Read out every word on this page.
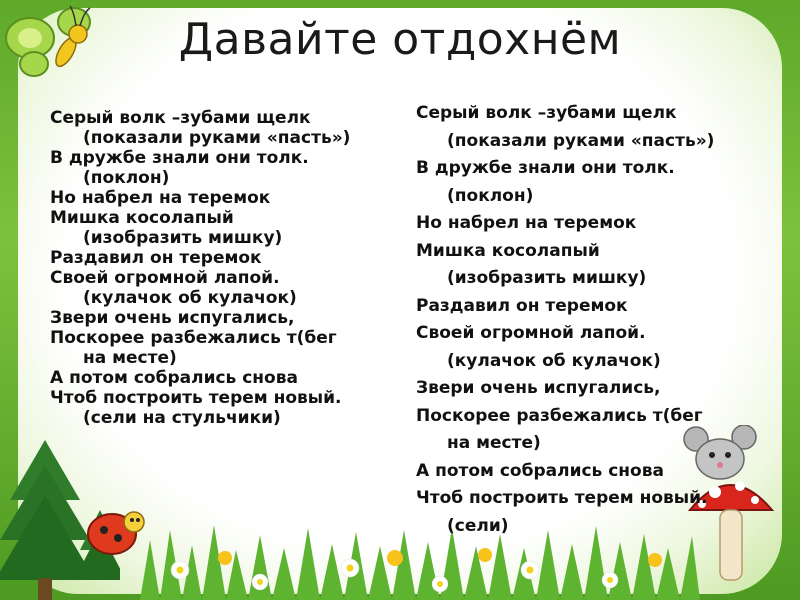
Давайте отдохнём
Серый волк –зубами щелк
(показали руками «пасть»)
В дружбе знали они толк.
(поклон)
Но набрел на теремок
Мишка косолапый
(изобразить мишку)
Раздавил он теремок
Своей огромной лапой.
(кулачок об кулачок)
Звери очень испугались,
Поскорее разбежались т(бег
на месте)
А потом собрались снова
Чтоб построить терем новый.
(сели на стульчики)
Серый волк –зубами щелк
(показали руками «пасть»)
В дружбе знали они толк.
(поклон)
Но набрел на теремок
Мишка косолапый
(изобразить мишку)
Раздавил он теремок
Своей огромной лапой.
(кулачок об кулачок)
Звери очень испугались,
Поскорее разбежались т(бег
на месте)
А потом собрались снова
Чтоб построить терем новый.
(сели)
